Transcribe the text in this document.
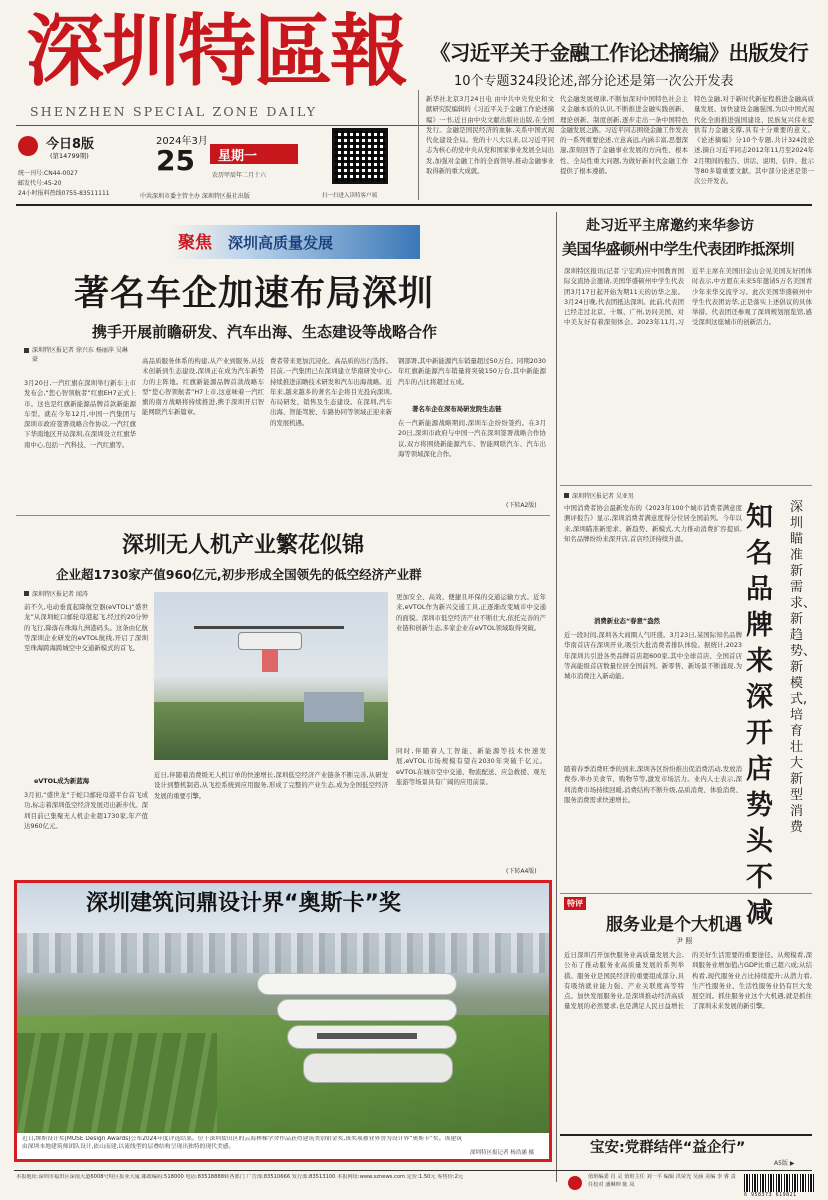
深圳特區報
SHENZHEN SPECIAL ZONE DAILY
《习近平关于金融工作论述摘编》出版发行
10个专题324段论述,部分论述是第一次公开发表
今日8版
(第14799期)
统一刊号:CN44-0027
邮发代号:45-20
24小时报料热线0755-83511111
2024年3月
25 星期一
农历甲辰年二月十六
中共深圳市委主管主办 深圳特区报社出版	扫一扫进入读特客户端
新华社北京3月24日电 由中共中央党史和文献研究院编辑的《习近平关于金融工作论述摘编》一书,近日由中央文献出版社出版,在全国发行。金融是国民经济的血脉,关系中国式现代化建设全局。党的十八大以来,以习近平同志为核心的党中央从党和国家事业发展全局出发,加强对金融工作的全面领导,推动金融事业取得新的重大成就。
代金融发展规律,不断加深对中国特色社会主义金融本质的认识,不断推进金融实践创新、理论创新、制度创新,逐步走出一条中国特色金融发展之路。习近平同志围绕金融工作发表的一系列重要论述,立意高远,内涵丰富,思想深邃,深刻回答了金融事业发展的方向性、根本性、全局性重大问题,为做好新时代金融工作提供了根本遵循。
特色金融,对于新时代新征程推进金融高质量发展、加快建设金融强国,为以中国式现代化全面推进强国建设、民族复兴伟业提供有力金融支撑,具有十分重要的意义。《论述摘编》分10个专题,共计324段论述,摘自习近平同志2012年11月至2024年2月期间的报告、讲话、说明、信件、批示等80多篇重要文献。其中部分论述是第一次公开发表。
聚焦 深圳高质量发展
著名车企加速布局深圳
携手开展前瞻研发、汽车出海、生态建设等战略合作
深圳特区报记者 徐兴东 杨丽萍 吴琳豪
3月20日,一汽红旗在深圳举行新车上市发布会,“您心智领航者”红旗EH7正式上市。这也是红旗新能源品牌首款新能源车型。就在今年12月,中国一汽集团与深圳市政府签署战略合作协议,一汽红旗下华南地区开局深圳,在深圳设立红旗华南中心,包括一汽科技、一汽红旗等。
高品质服务体系的构建,从产业到服务,从技术创新到生态建设,深圳正在成为汽车新势力的主阵地。红旗新能源品牌首款战略车型“您心智领航者”H7上市,这意味着一汽红旗的南方战略将持续推进,携手深圳开启智能网联汽车新篇章。
费者带来更加沉浸化、高品质的出行选择。目前,一汽集团已在深圳建立华南研发中心,持续推进前瞻技术研发和汽车出海战略。近年来,越来越多的著名车企将目光投向深圳,布局研发、销售及生态建设。在深圳,汽车出海、智能驾驶、车路协同等领域正迎来新的发展机遇。
钢部署,其中新能源汽车销量超过50万台。同期2030年红旗新能源汽车销量将突破150万台,其中新能源汽车的占比将超过五成。
著名车企在深布局研发院生态链
在一汽新能源战略期间,深圳车企纷纷签约。在3月20日,深圳市政府与中国一汽在深圳签署战略合作协议,双方将围绕新能源汽车、智能网联汽车、汽车出海等领域深化合作。
(下转A2版)
深圳无人机产业繁花似锦
企业超1730家产值960亿元,初步形成全国领先的低空经济产业群
深圳特区报记者 闻涛
前不久,电动垂直起降航空器(eVTOL)“盛世龙”从深圳蛇口邮轮母港起飞,经过约20分钟的飞行,降落在珠海九洲港码头。这条由亿航等深圳企业研发的eVTOL航线,开启了深圳至珠海跨海跨城空中交通新模式的首飞。
eVTOL成为新蓝海
3月初,“盛世龙”于蛇口邮轮母港平台首飞成功,标志着深圳低空经济发展迈出新步伐。深圳目前已集聚无人机企业超1730家,年产值达960亿元。
近日,伴随着消费级无人机订单的快速增长,深圳低空经济产业链条不断完善,从研发设计到整机制造,从飞控系统到应用服务,形成了完整的产业生态,成为全国低空经济发展的重要引擎。
更加安全、高效、便捷且环保的交通运输方式。近年来,eVTOL作为新兴交通工具,正逐渐改变城市中交通的面貌。深圳市低空经济产业不断壮大,依托完善的产业链和创新生态,多家企业在eVTOL领域取得突破。
同时,伴随着人工智能、新能源等技术快速发展,eVTOL市场规模有望在2030年突破千亿元。eVTOL在城市空中交通、物流配送、应急救援、观光旅游等场景具有广阔的应用前景。
(下转A4版)
深圳建筑问鼎设计界“奥斯卡”奖
近日,缪斯设计奖(MUSE Design Awards)公布2024年度评选结果。位于深圳盐田区的云海林梯学舍作品获得建筑类别铂金奖,该奖项被业界誉为设计界“奥斯卡”奖。该建筑由深圳本地建筑师团队设计,依山而建,以流线型的层叠结构呈现出独特的现代美感。
深圳特区报记者 杨浩涵 摄
赴习近平主席邀约来华参访
美国华盛顿州中学生代表团昨抵深圳
深圳特区报讯(记者 宁宏鸿)应中国教育国际交流协会邀请,美国华盛顿州中学生代表团3月17日起开始为期11天的访华之旅。3月24日晚,代表团抵达深圳。此前,代表团已经走过北京、十堰、广州,访问美国、对中美友好有着深刻体会。2023年11月,习近平主席在美国旧金山会见美国友好团体时表示,中方愿在未来5年邀请5万名美国青少年来华交流学习。此次美国华盛顿州中学生代表团访华,正是落实上述倡议的具体举措。代表团还参观了深圳规划展览馆,感受深圳这座城市的创新活力。
深圳特区报记者 吴亚男
中国消费者协会最新发布的《2023年100个城市消费者满意度测评报告》显示,深圳消费者满意度得分位居全国前列。今年以来,深圳瞄准新需求、新趋势、新模式,大力推动消费扩容提质,知名品牌纷纷来深开店,首店经济持续升温。
消费新业态“春意”盎然
近一段时间,深圳各大商圈人气旺盛。3月23日,某国际知名品牌华南首店在深圳开业,吸引大批消费者排队体验。据统计,2023年深圳共引进各类品牌首店超600家,其中全球首店、全国首店等高能级首店数量位居全国前列。新零售、新场景不断涌现,为城市消费注入新动能。
随着春季消费旺季的到来,深圳各区纷纷推出促消费活动,发放消费券,举办美食节、购物节等,激发市场活力。业内人士表示,深圳消费市场持续回暖,消费结构不断升级,品质消费、体验消费、服务消费需求快速增长。
知名品牌来深开店势头不减
深圳瞄准新需求、新趋势、新模式,培育壮大新型消费
特评
服务业是个大机遇
尹 照
近日深圳召开加快服务业高质量发展大会,公布了推动服务业高质量发展的系列举措。服务业是国民经济的重要组成部分,具有吸纳就业能力强、产业关联度高等特点。加快发展服务业,是深圳推动经济高质量发展的必然要求,也是满足人民日益增长的美好生活需要的重要途径。从规模看,深圳服务业增加值占GDP比重已超六成;从结构看,现代服务业占比持续提升;从潜力看,生产性服务业、生活性服务业仍有巨大发展空间。抓住服务业这个大机遇,就是抓住了深圳未来发展的新引擎。
宝安:党群结伴“益企行”
A5版 ▶
本报地址:深圳市福田区深南大道6008号特区报业大厦 邮政编码:518000 电话:83518888转各部门 广告部:83510666 发行部:83513100 本报网址:www.sznews.com 定价:1.50元 零售价:2元	值班编委 肖 灵 值班主任 刘一平 编辑 洪荣光 吴涵 美编 李 睿 责任校对 潘琳坤 陈 凤
6 958373 619821
